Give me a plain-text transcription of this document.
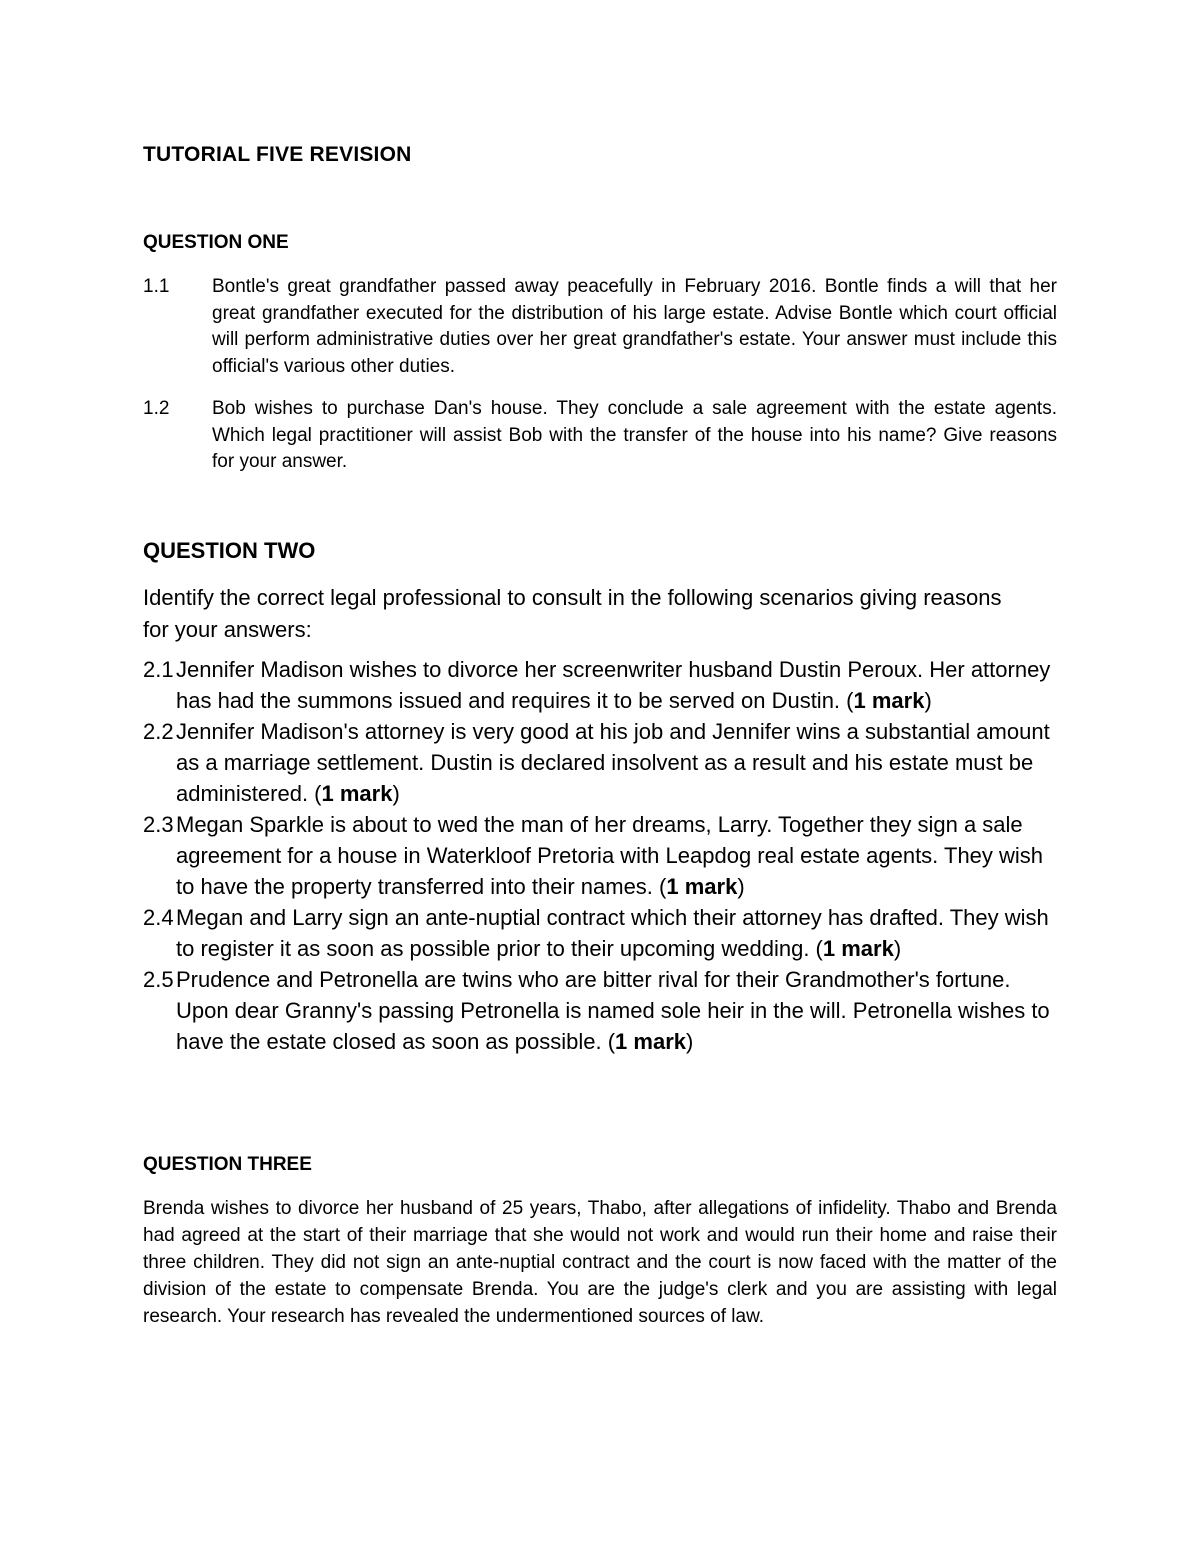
TUTORIAL FIVE REVISION
QUESTION ONE
1.1 Bontle's great grandfather passed away peacefully in February 2016. Bontle finds a will that her great grandfather executed for the distribution of his large estate. Advise Bontle which court official will perform administrative duties over her great grandfather's estate. Your answer must include this official's various other duties.
1.2 Bob wishes to purchase Dan's house. They conclude a sale agreement with the estate agents. Which legal practitioner will assist Bob with the transfer of the house into his name? Give reasons for your answer.
QUESTION TWO

Identify the correct legal professional to consult in the following scenarios giving reasons for your answers:

2.1 Jennifer Madison wishes to divorce her screenwriter husband Dustin Peroux. Her attorney has had the summons issued and requires it to be served on Dustin. (1 mark)
2.2 Jennifer Madison's attorney is very good at his job and Jennifer wins a substantial amount as a marriage settlement. Dustin is declared insolvent as a result and his estate must be administered. (1 mark)
2.3 Megan Sparkle is about to wed the man of her dreams, Larry. Together they sign a sale agreement for a house in Waterkloof Pretoria with Leapdog real estate agents. They wish to have the property transferred into their names. (1 mark)
2.4 Megan and Larry sign an ante-nuptial contract which their attorney has drafted. They wish to register it as soon as possible prior to their upcoming wedding. (1 mark)
2.5 Prudence and Petronella are twins who are bitter rival for their Grandmother's fortune. Upon dear Granny's passing Petronella is named sole heir in the will. Petronella wishes to have the estate closed as soon as possible. (1 mark)
QUESTION THREE

Brenda wishes to divorce her husband of 25 years, Thabo, after allegations of infidelity. Thabo and Brenda had agreed at the start of their marriage that she would not work and would run their home and raise their three children. They did not sign an ante-nuptial contract and the court is now faced with the matter of the division of the estate to compensate Brenda. You are the judge's clerk and you are assisting with legal research. Your research has revealed the undermentioned sources of law.
